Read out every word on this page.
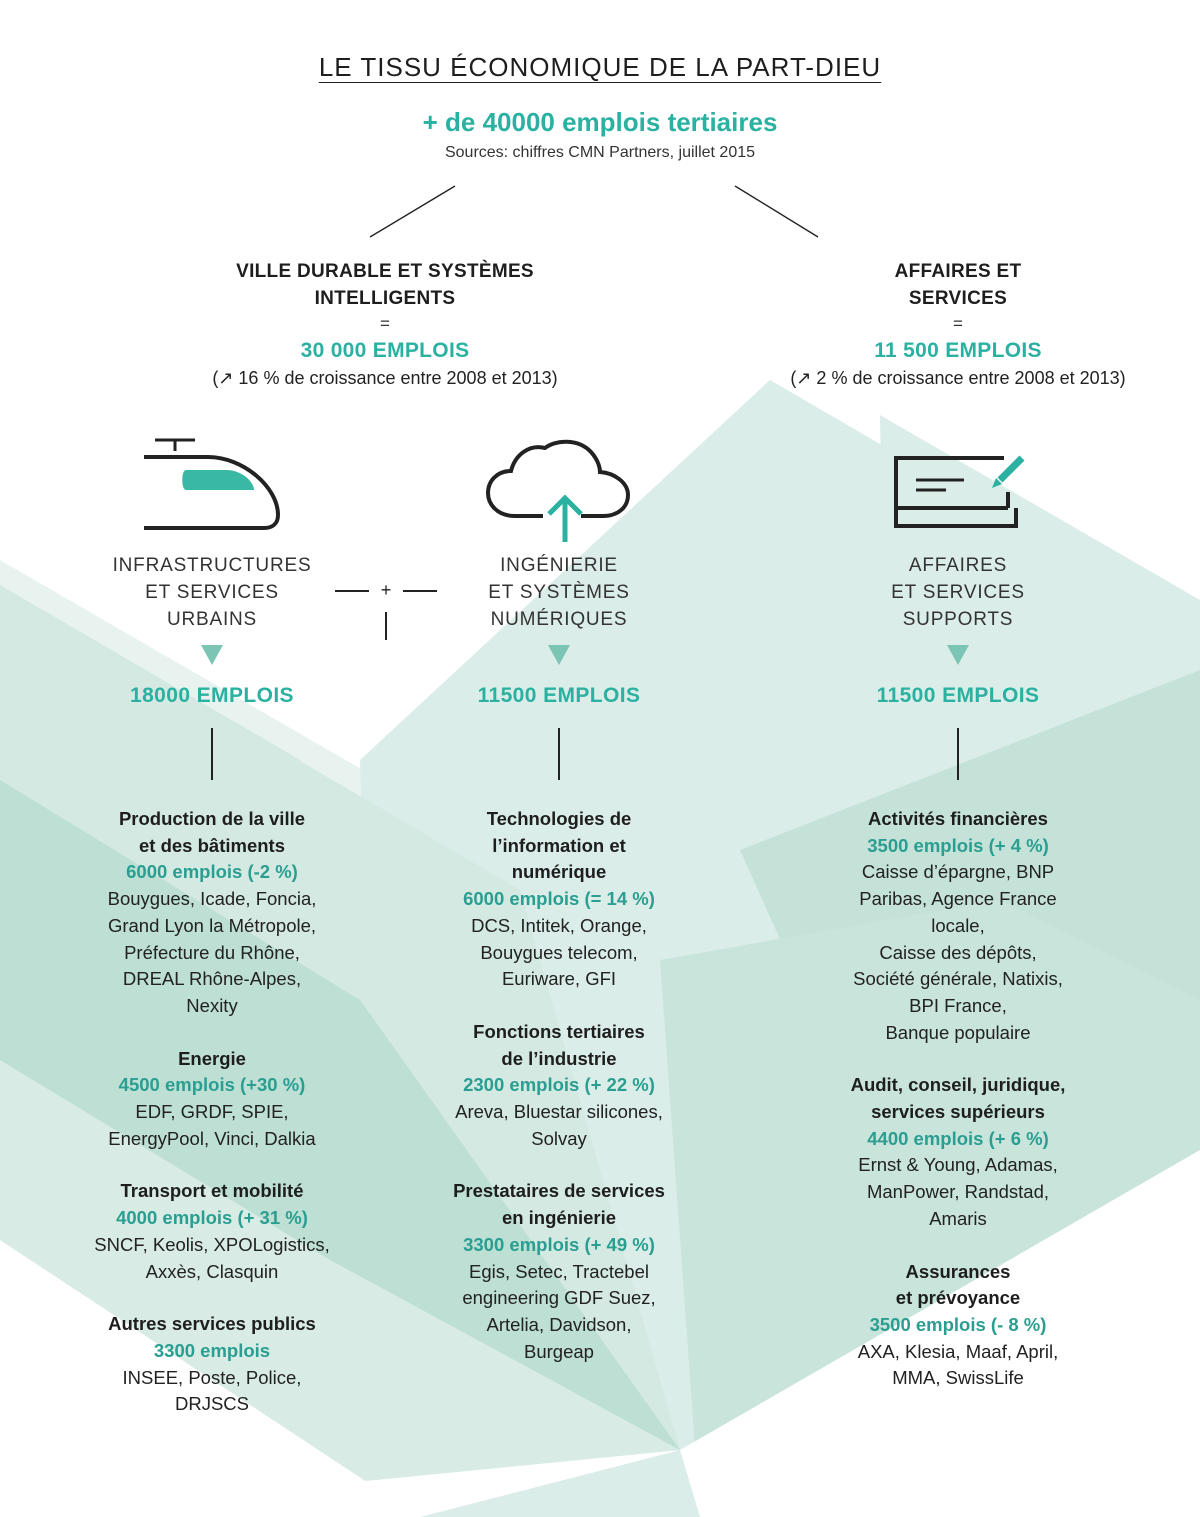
LE TISSU ÉCONOMIQUE DE LA PART-DIEU
+ de 40000 emplois tertiaires
Sources: chiffres CMN Partners, juillet 2015
VILLE DURABLE ET SYSTÈMES
INTELLIGENTS
=
30 000 EMPLOIS
(↗ 16 % de croissance entre 2008 et 2013)
AFFAIRES ET
SERVICES
=
11 500 EMPLOIS
(↗ 2 % de croissance entre 2008 et 2013)
INFRASTRUCTURES
ET SERVICES
URBAINS
INGÉNIERIE
ET SYSTÈMES
NUMÉRIQUES
AFFAIRES
ET SERVICES
SUPPORTS
+
18000 EMPLOIS	11500 EMPLOIS	11500 EMPLOIS
Production de la ville
et des bâtiments
6000 emplois (-2 %)
Bouygues, Icade, Foncia,
Grand Lyon la Métropole,
Préfecture du Rhône,
DREAL Rhône-Alpes,
Nexity
Energie
4500 emplois (+30 %)
EDF, GRDF, SPIE,
EnergyPool, Vinci, Dalkia
Transport et mobilité
4000 emplois (+ 31 %)
SNCF, Keolis, XPOLogistics,
Axxès, Clasquin
Autres services publics
3300 emplois
INSEE, Poste, Police,
DRJSCS
Technologies de
l’information et
numérique
6000 emplois (= 14 %)
DCS, Intitek, Orange,
Bouygues telecom,
Euriware, GFI
Fonctions tertiaires
de l’industrie
2300 emplois (+ 22 %)
Areva, Bluestar silicones,
Solvay
Prestataires de services
en ingénierie
3300 emplois (+ 49 %)
Egis, Setec, Tractebel
engineering GDF Suez,
Artelia, Davidson,
Burgeap
Activités financières
3500 emplois (+ 4 %)
Caisse d’épargne, BNP
Paribas, Agence France
locale,
Caisse des dépôts,
Société générale, Natixis,
BPI France,
Banque populaire
Audit, conseil, juridique,
services supérieurs
4400 emplois (+ 6 %)
Ernst & Young, Adamas,
ManPower, Randstad,
Amaris
Assurances
et prévoyance
3500 emplois (- 8 %)
AXA, Klesia, Maaf, April,
MMA, SwissLife
